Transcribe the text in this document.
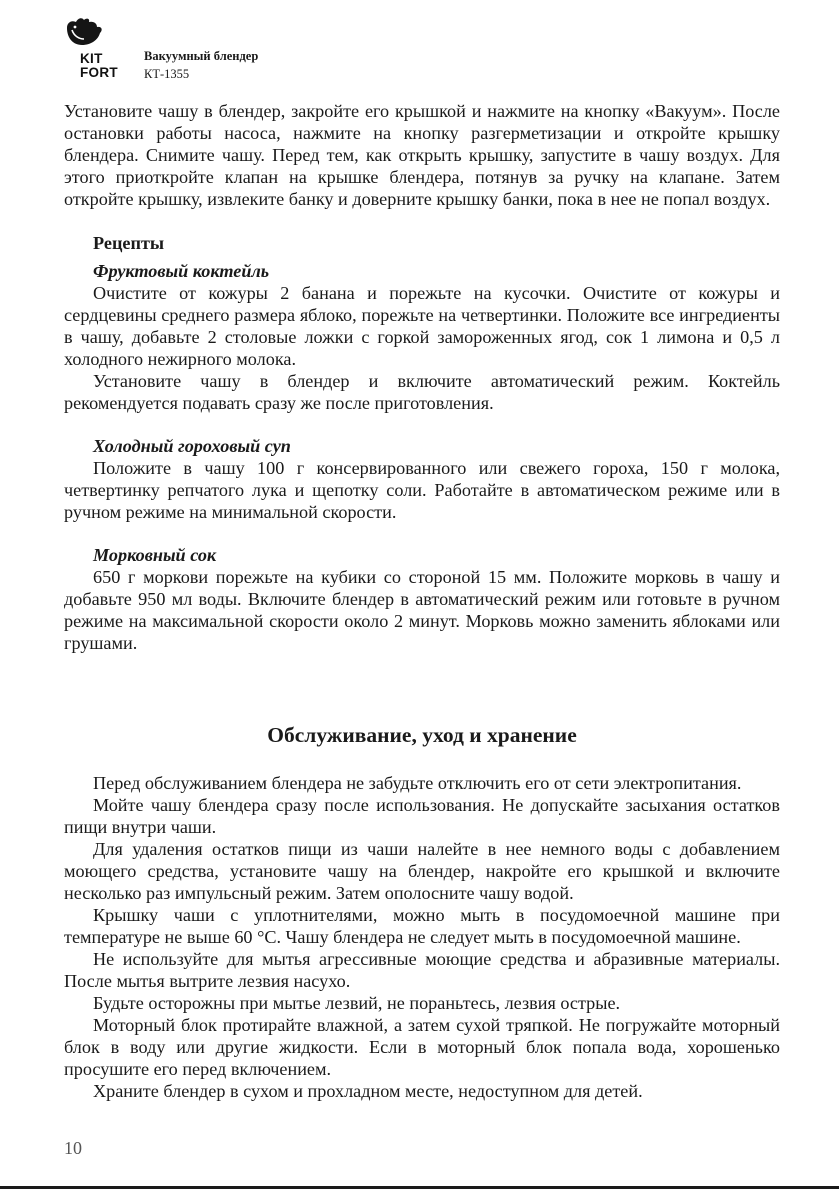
KIT
FORT
Вакуумный блендер
КТ-1355

Установите чашу в блендер, закройте его крышкой и нажмите на кнопку «Вакуум». После остановки работы насоса, нажмите на кнопку разгерметизации и откройте крышку блендера. Снимите чашу. Перед тем, как открыть крышку, запустите в чашу воздух. Для этого приоткройте клапан на крышке блендера, потянув за ручку на клапане. Затем откройте крышку, извлеките банку и доверните крышку банки, пока в нее не попал воздух.

Рецепты
Фруктовый коктейль

Очистите от кожуры 2 банана и порежьте на кусочки. Очистите от кожуры и сердцевины среднего размера яблоко, порежьте на четвертинки. Положите все ингредиенты в чашу, добавьте 2 столовые ложки с горкой замороженных ягод, сок 1 лимона и 0,5 л холодного нежирного молока.

Установите чашу в блендер и включите автоматический режим. Коктейль рекомендуется подавать сразу же после приготовления.

Холодный гороховый суп

Положите в чашу 100 г консервированного или свежего гороха, 150 г молока, четвертинку репчатого лука и щепотку соли. Работайте в автоматическом режиме или в ручном режиме на минимальной скорости.

Морковный сок

650 г моркови порежьте на кубики со стороной 15 мм. Положите морковь в чашу и добавьте 950 мл воды. Включите блендер в автоматический режим или готовьте в ручном режиме на максимальной скорости около 2 минут. Морковь можно заменить яблоками или грушами.

Обслуживание, уход и хранение

Перед обслуживанием блендера не забудьте отключить его от сети электропитания.

Мойте чашу блендера сразу после использования. Не допускайте засыхания остатков пищи внутри чаши.

Для удаления остатков пищи из чаши налейте в нее немного воды с добавлением моющего средства, установите чашу на блендер, накройте его крышкой и включите несколько раз импульсный режим. Затем ополосните чашу водой.

Крышку чаши с уплотнителями, можно мыть в посудомоечной машине при температуре не выше 60 °С. Чашу блендера не следует мыть в посудомоечной машине.

Не используйте для мытья агрессивные моющие средства и абразивные материалы. После мытья вытрите лезвия насухо.

Будьте осторожны при мытье лезвий, не пораньтесь, лезвия острые.

Моторный блок протирайте влажной, а затем сухой тряпкой. Не погружайте моторный блок в воду или другие жидкости. Если в моторный блок попала вода, хорошенько просушите его перед включением.

Храните блендер в сухом и прохладном месте, недоступном для детей.

10
